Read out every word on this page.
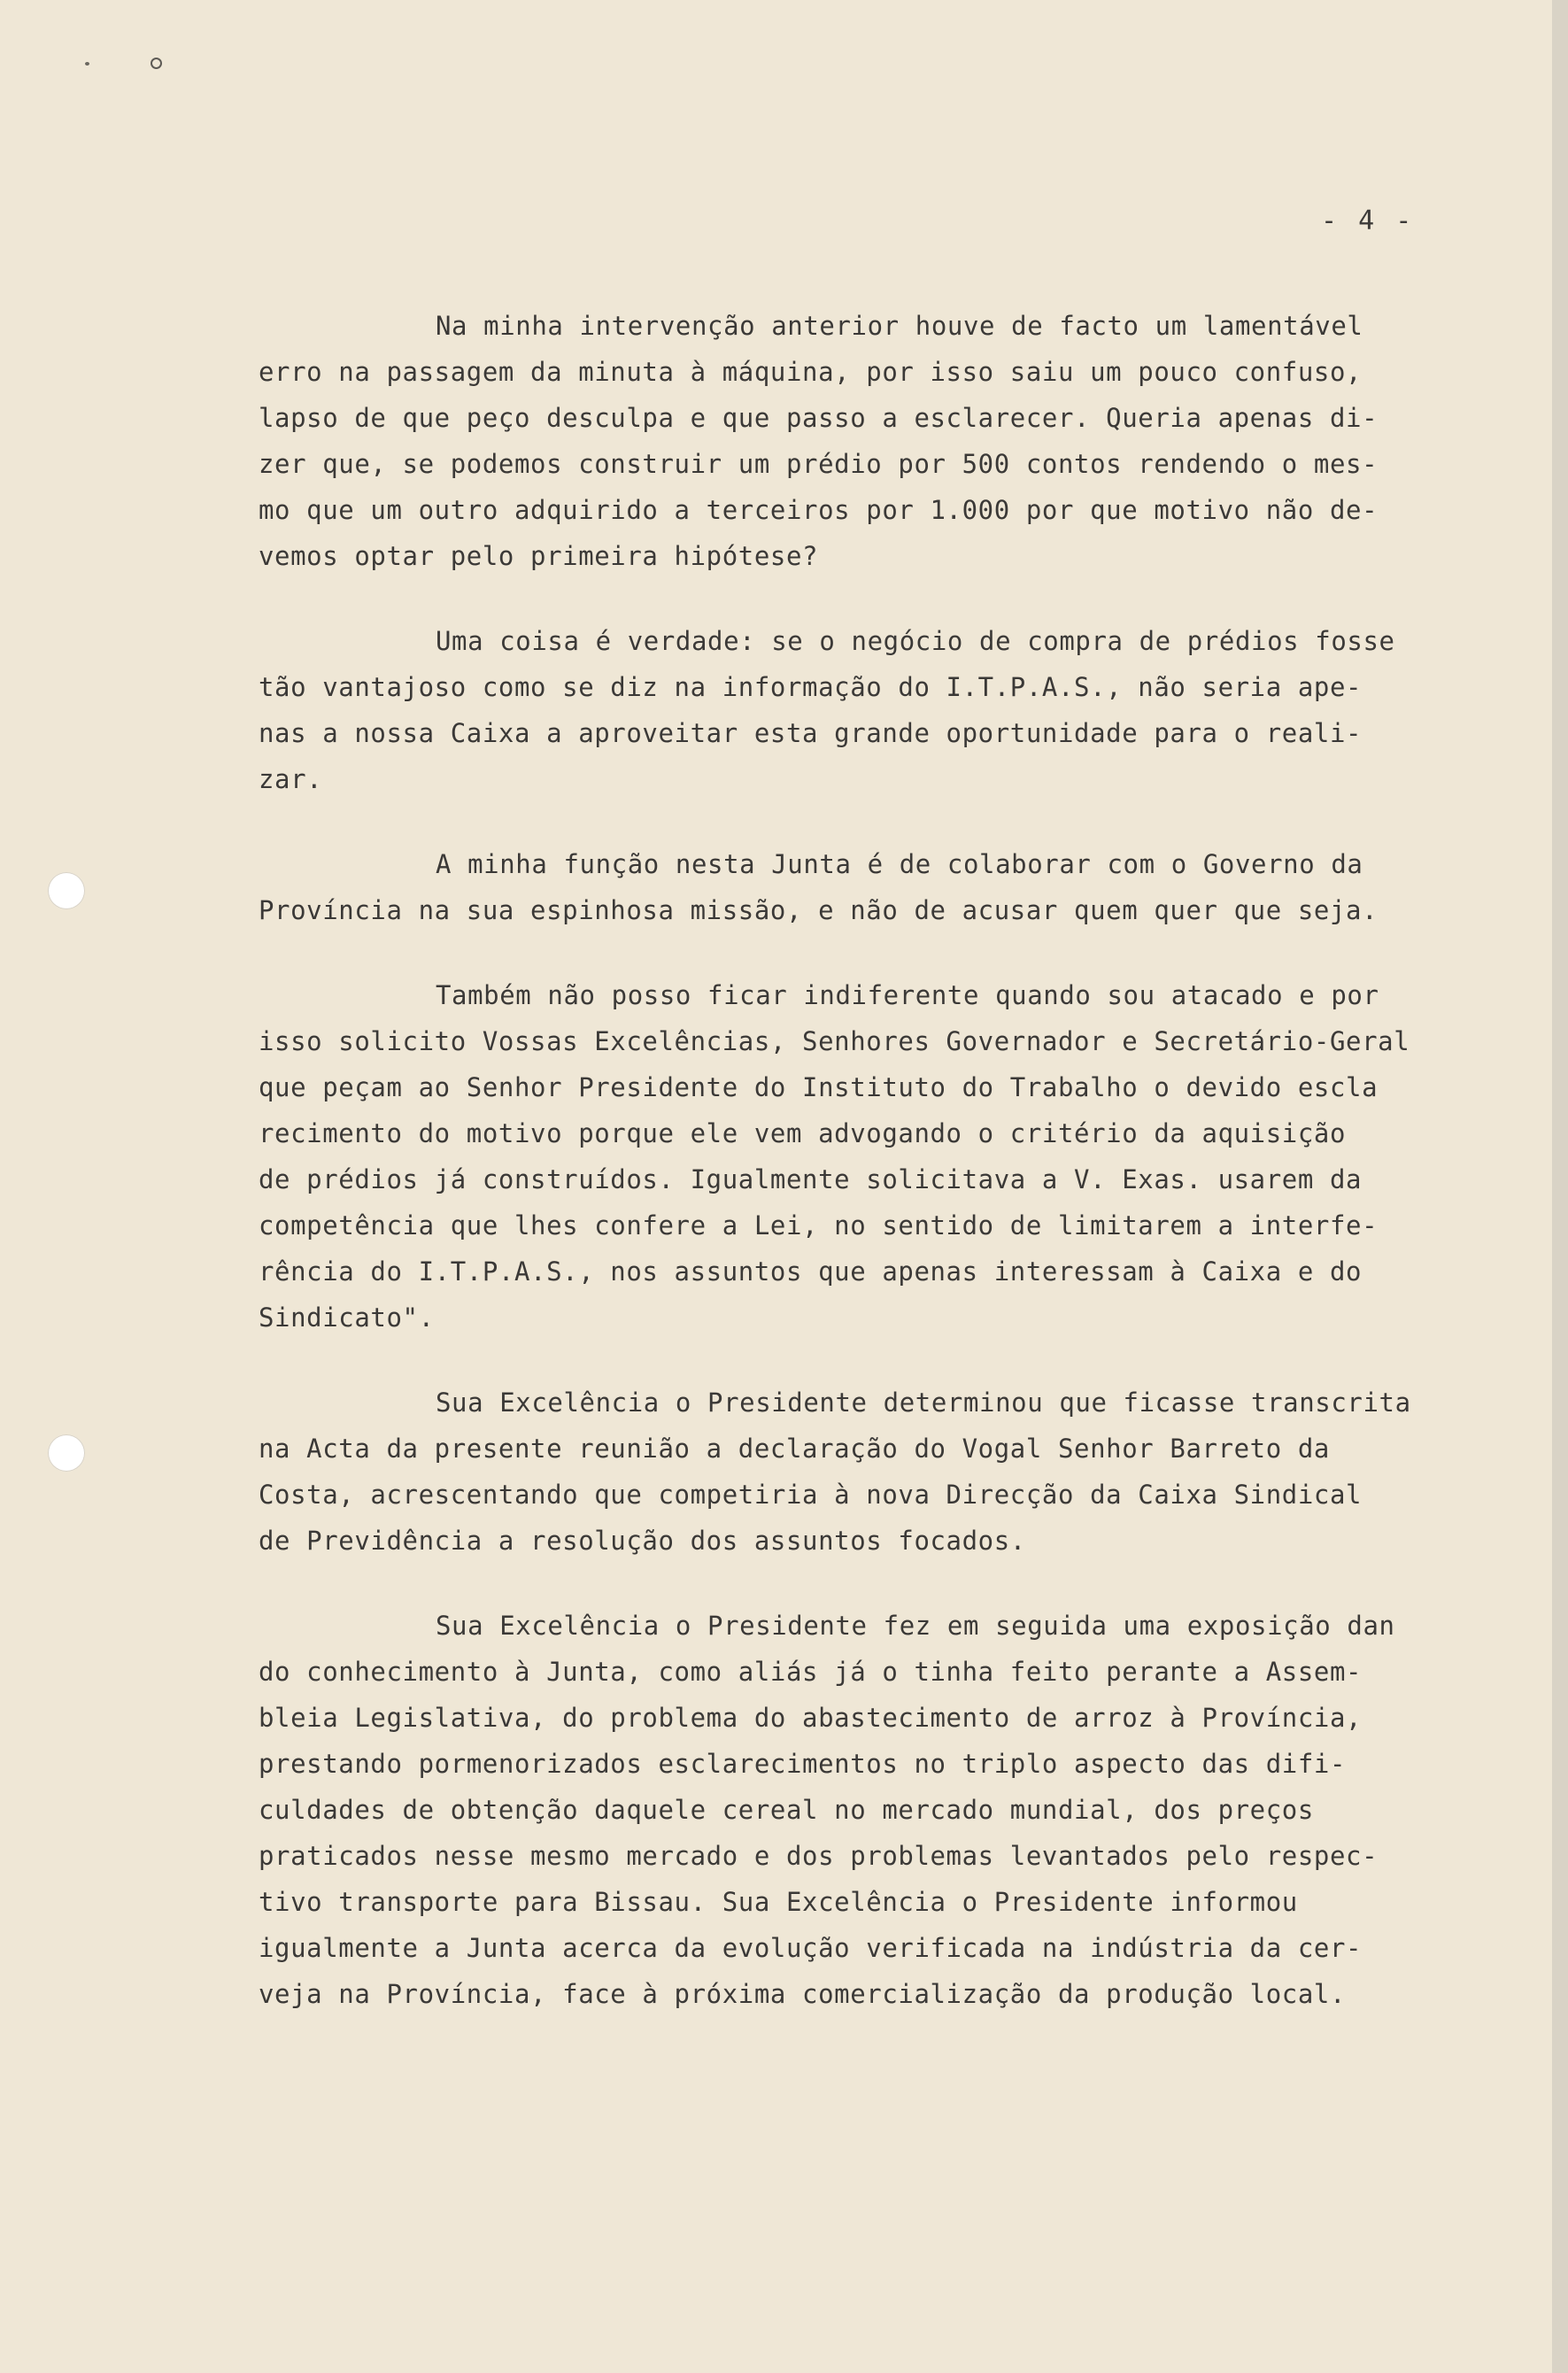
- 4 -
Na minha intervenção anterior houve de facto um lamentável
erro na passagem da minuta à máquina, por isso saiu um pouco confuso,
lapso de que peço desculpa e que passo a esclarecer. Queria apenas di-
zer que, se podemos construir um prédio por 500 contos rendendo o mes-
mo que um outro adquirido a terceiros por 1.000 por que motivo não de-
vemos optar pelo primeira hipótese?
Uma coisa é verdade: se o negócio de compra de prédios fosse
tão vantajoso como se diz na informação do I.T.P.A.S., não seria ape-
nas a nossa Caixa a aproveitar esta grande oportunidade para o reali-
zar.
A minha função nesta Junta é de colaborar com o Governo da
Província na sua espinhosa missão, e não de acusar quem quer que seja.
Também não posso ficar indiferente quando sou atacado e por
isso solicito Vossas Excelências, Senhores Governador e Secretário-Geral
que peçam ao Senhor Presidente do Instituto do Trabalho o devido escla
recimento do motivo porque ele vem advogando o critério da aquisição
de prédios já construídos. Igualmente solicitava a V. Exas. usarem da
competência que lhes confere a Lei, no sentido de limitarem a interfe-
rência do I.T.P.A.S., nos assuntos que apenas interessam à Caixa e do
Sindicato".
Sua Excelência o Presidente determinou que ficasse transcrita
na Acta da presente reunião a declaração do Vogal Senhor Barreto da
Costa, acrescentando que competiria à nova Direcção da Caixa Sindical
de Previdência a resolução dos assuntos focados.
Sua Excelência o Presidente fez em seguida uma exposição dan
do conhecimento à Junta, como aliás já o tinha feito perante a Assem-
bleia Legislativa, do problema do abastecimento de arroz à Província,
prestando pormenorizados esclarecimentos no triplo aspecto das difi-
culdades de obtenção daquele cereal no mercado mundial, dos preços
praticados nesse mesmo mercado e dos problemas levantados pelo respec-
tivo transporte para Bissau. Sua Excelência o Presidente informou
igualmente a Junta acerca da evolução verificada na indústria da cer-
veja na Província, face à próxima comercialização da produção local.
